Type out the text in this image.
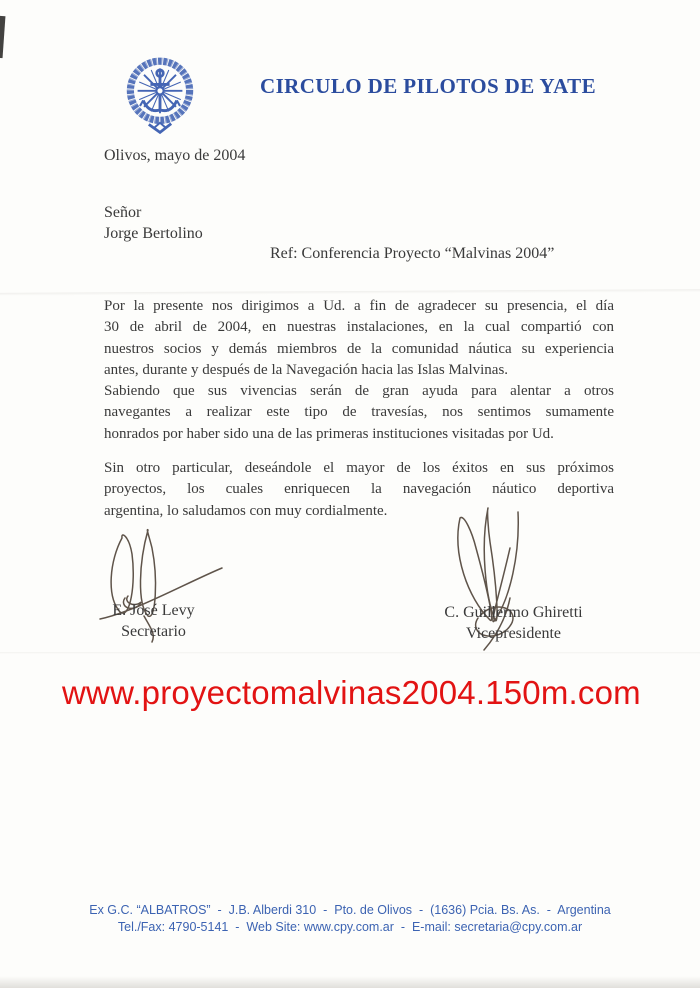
CIRCULO DE PILOTOS DE YATE
Olivos, mayo de 2004
Señor
Jorge Bertolino
Ref: Conferencia Proyecto “Malvinas 2004”
Por la presente nos dirigimos a Ud. a fin de agradecer su presencia, el día
30 de abril de 2004, en nuestras instalaciones, en la cual compartió con
nuestros socios y demás miembros de la comunidad náutica su experiencia
antes, durante y después de la Navegación hacia las Islas Malvinas.
Sabiendo que sus vivencias serán de gran ayuda para alentar a otros
navegantes a realizar este tipo de travesías, nos sentimos sumamente
honrados por haber sido una de las primeras instituciones visitadas por Ud.
Sin otro particular, deseándole el mayor de los éxitos en sus próximos
proyectos, los cuales enriquecen la navegación náutico deportiva
argentina, lo saludamos con muy cordialmente.
E. José Levy
Secretario
C. Guillermo Ghiretti
Vicepresidente
www.proyectomalvinas2004.150m.com
Ex G.C. “ALBATROS”  -  J.B. Alberdi 310  -  Pto. de Olivos  -  (1636) Pcia. Bs. As.  -  Argentina
Tel./Fax: 4790-5141  -  Web Site: www.cpy.com.ar  -  E-mail: secretaria@cpy.com.ar
